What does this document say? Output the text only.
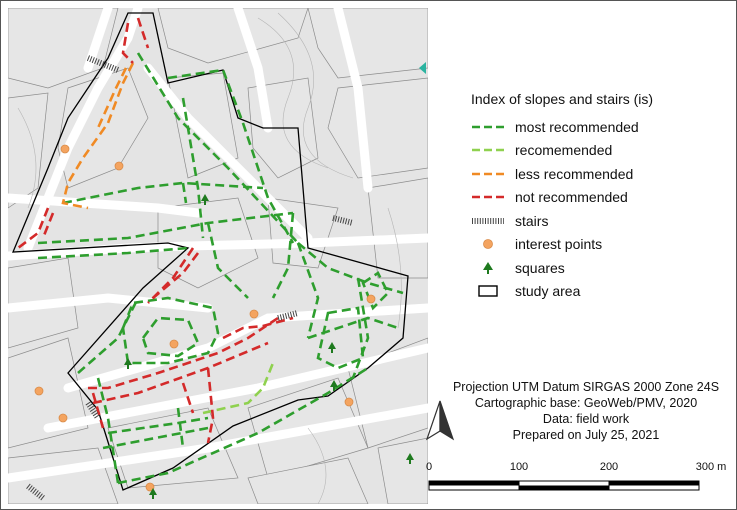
Index of slopes and stairs (is)
most recommended
recomemended
less recommended
not recommended
stairs
interest points
squares
study area
Projection UTM Datum SIRGAS 2000 Zone 24S
Cartographic base: GeoWeb/PMV, 2020
Data: field work
Prepared on July 25, 2021
0	100	200	300 m
